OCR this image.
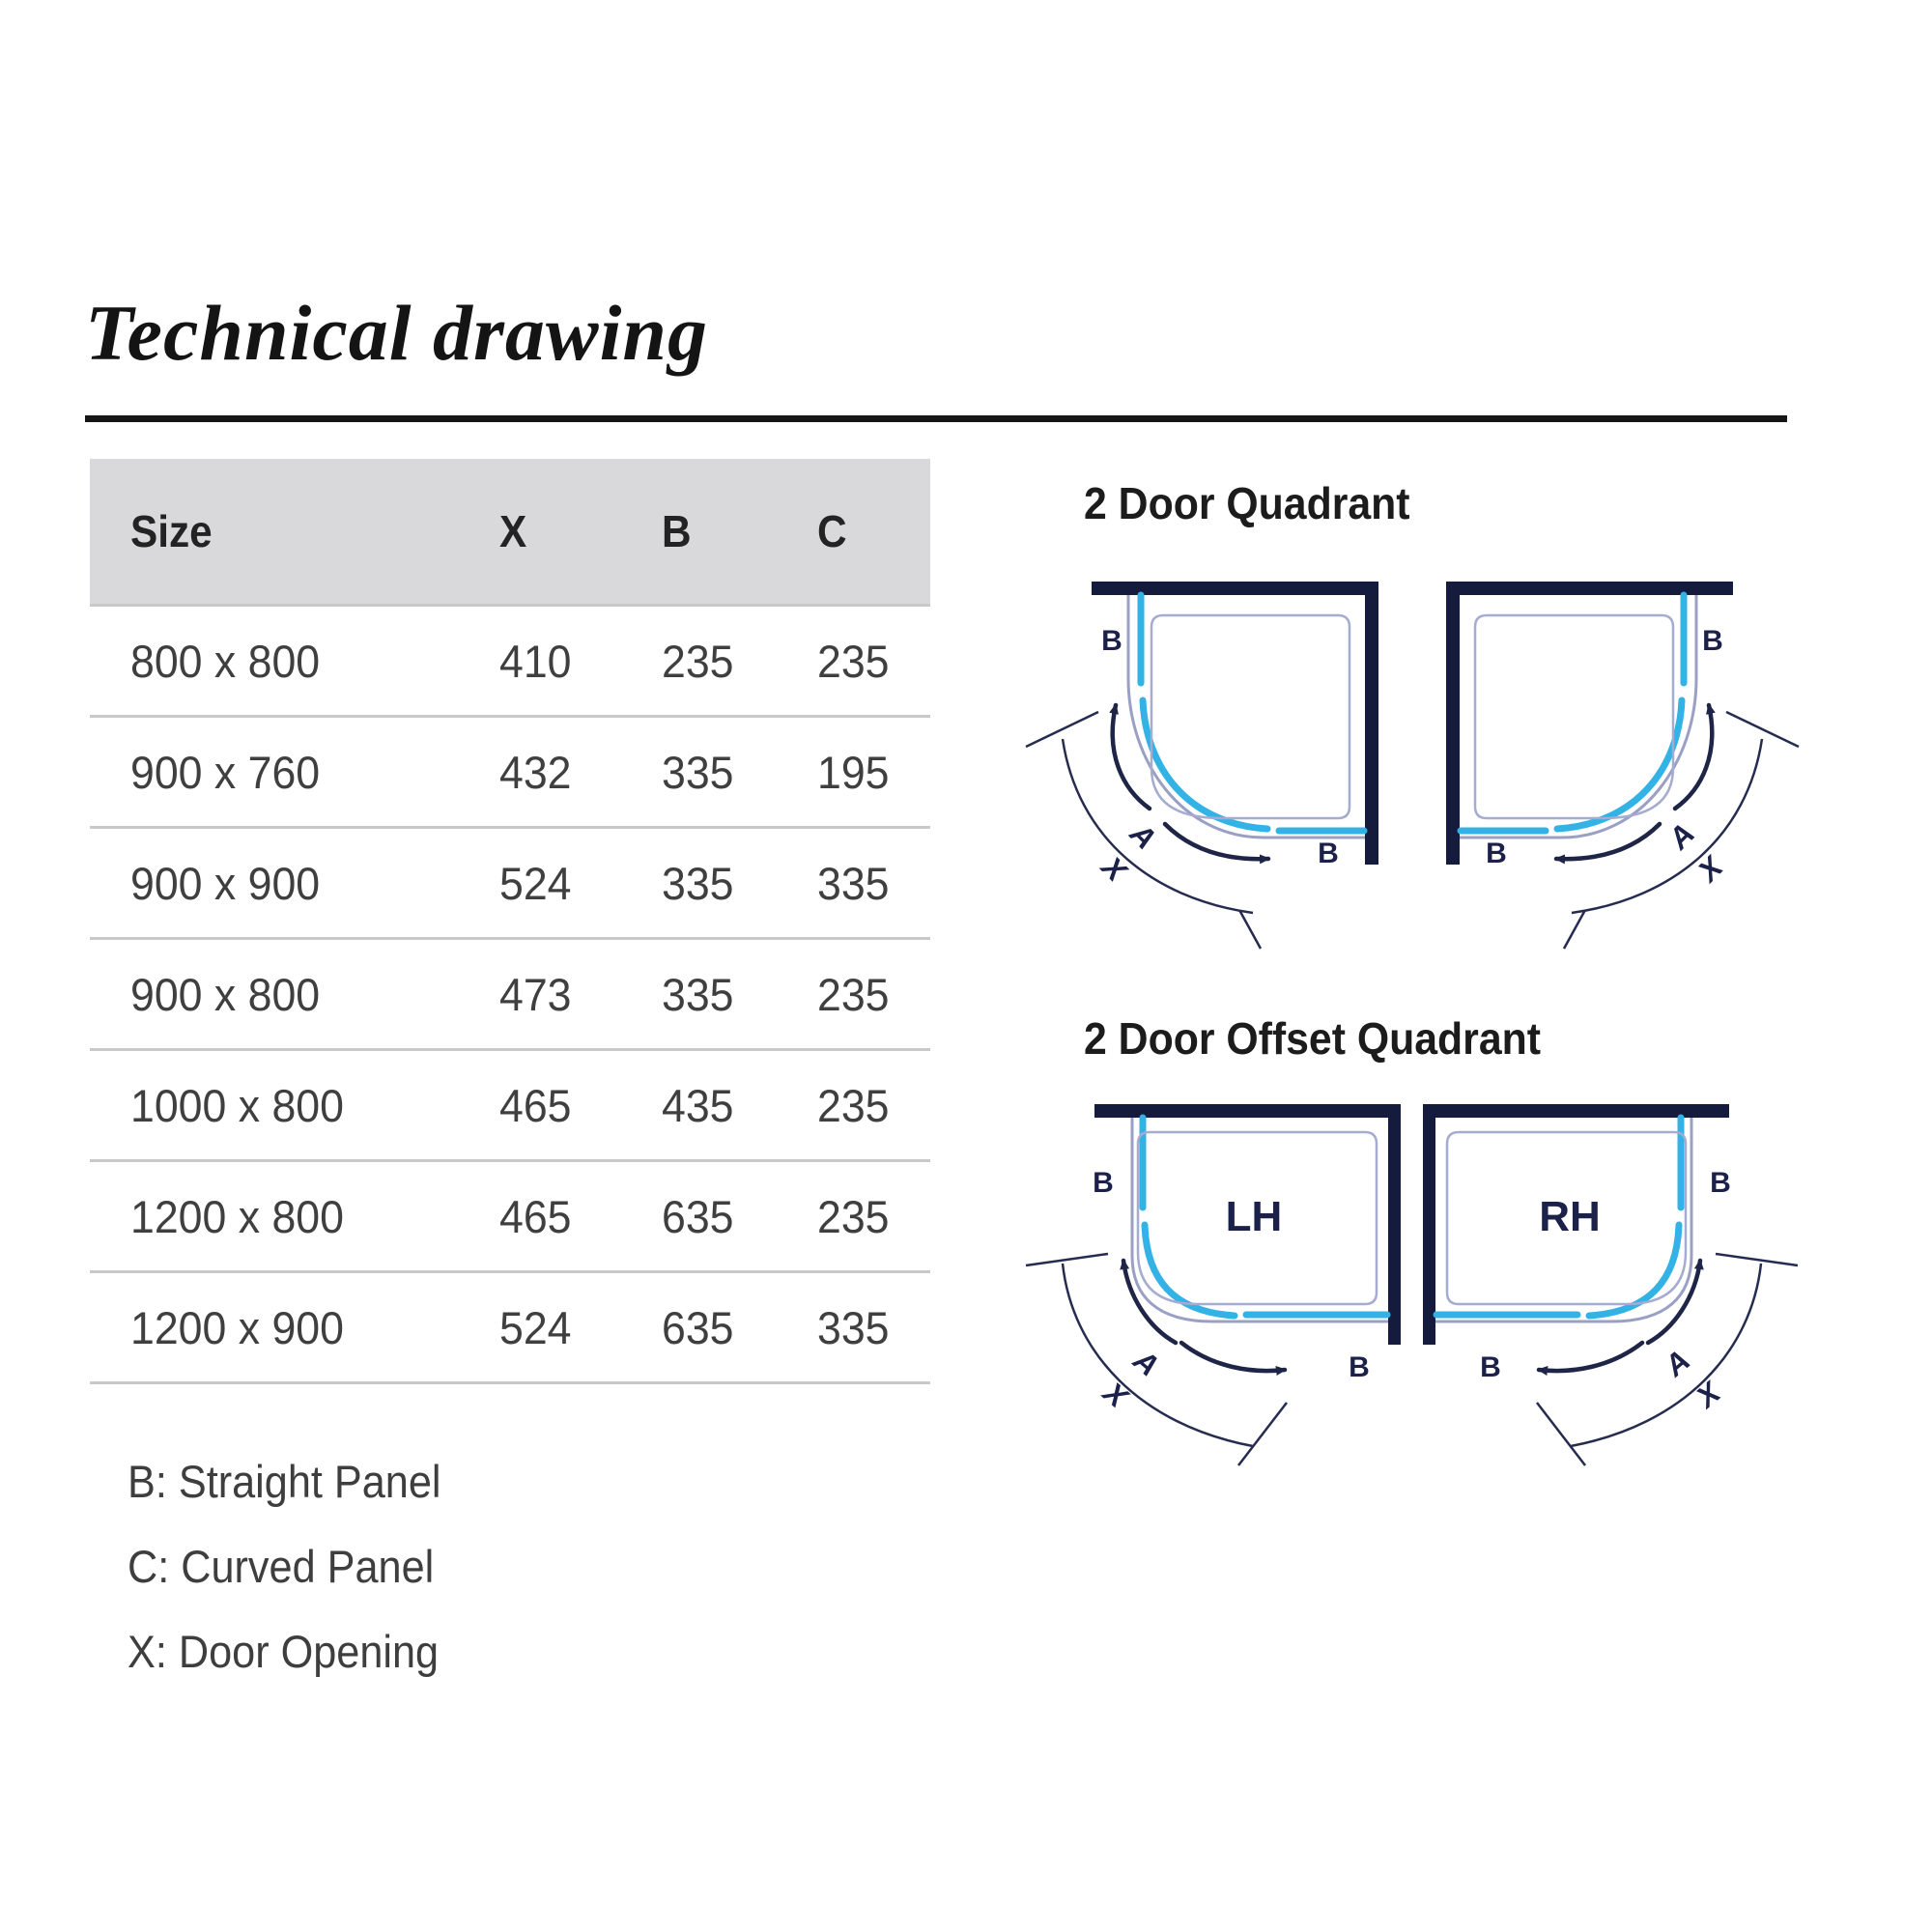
Technical drawing
Size	X	B	C
800 x 800	410	235	235
900 x 760	432	335	195
900 x 900	524	335	335
900 x 800	473	335	235
1000 x 800	465	435	235
1200 x 800	465	635	235
1200 x 900	524	635	335
B: Straight Panel
C: Curved Panel
X: Door Opening
2 Door Quadrant
2 Door Offset Quadrant
B
B
A
X
B
B	A
X
B
B
LH
A
X
B
B
RH
A
X
